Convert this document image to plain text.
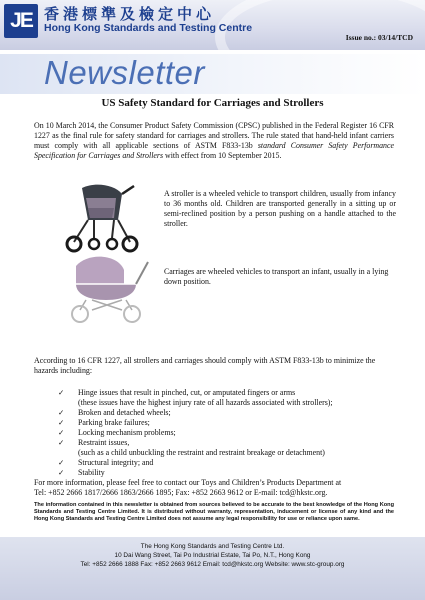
JE 香港標準及檢定中心
Hong Kong Standards and Testing Centre
Issue no.: 03/14/TCD
Newsletter
US Safety Standard for Carriages and Strollers
On 10 March 2014, the Consumer Product Safety Commission (CPSC) published in the Federal Register 16 CFR 1227 as the final rule for safety standard for carriages and strollers. The rule stated that hand-held infant carriers must comply with all applicable sections of ASTM F833-13b standard Consumer Safety Performance Specification for Carriages and Strollers with effect from 10 September 2015.
A stroller is a wheeled vehicle to transport children, usually from infancy to 36 months old. Children are transported generally in a sitting up or semi-reclined position by a person pushing on a handle attached to the stroller.
Carriages are wheeled vehicles to transport an infant, usually in a lying down position.
According to 16 CFR 1227, all strollers and carriages should comply with ASTM F833-13b to minimize the hazards including:
✓ Hinge issues that result in pinched, cut, or amputated fingers or arms
(these issues have the highest injury rate of all hazards associated with strollers);
✓ Broken and detached wheels;
✓ Parking brake failures;
✓ Locking mechanism problems;
✓ Restraint issues,
(such as a child unbuckling the restraint and restraint breakage or detachment)
✓ Structural integrity; and
✓ Stability
For more information, please feel free to contact our Toys and Children’s Products Department at
Tel: +852 2666 1817/2666 1863/2666 1895; Fax: +852 2663 9612 or E-mail: tcd@hkstc.org.
The information contained in this newsletter is obtained from sources believed to be accurate to the best knowledge of the Hong Kong Standards and Testing Centre Limited. It is distributed without warranty, representation, inducement or license of any kind and the Hong Kong Standards and Testing Centre Limited does not assume any legal responsibility for use or reliance upon same.
The Hong Kong Standards and Testing Centre Ltd.
10 Dai Wang Street, Tai Po Industrial Estate, Tai Po, N.T., Hong Kong
Tel: +852 2666 1888 Fax: +852 2663 9612 Email: tcd@hkstc.org Website: www.stc-group.org
